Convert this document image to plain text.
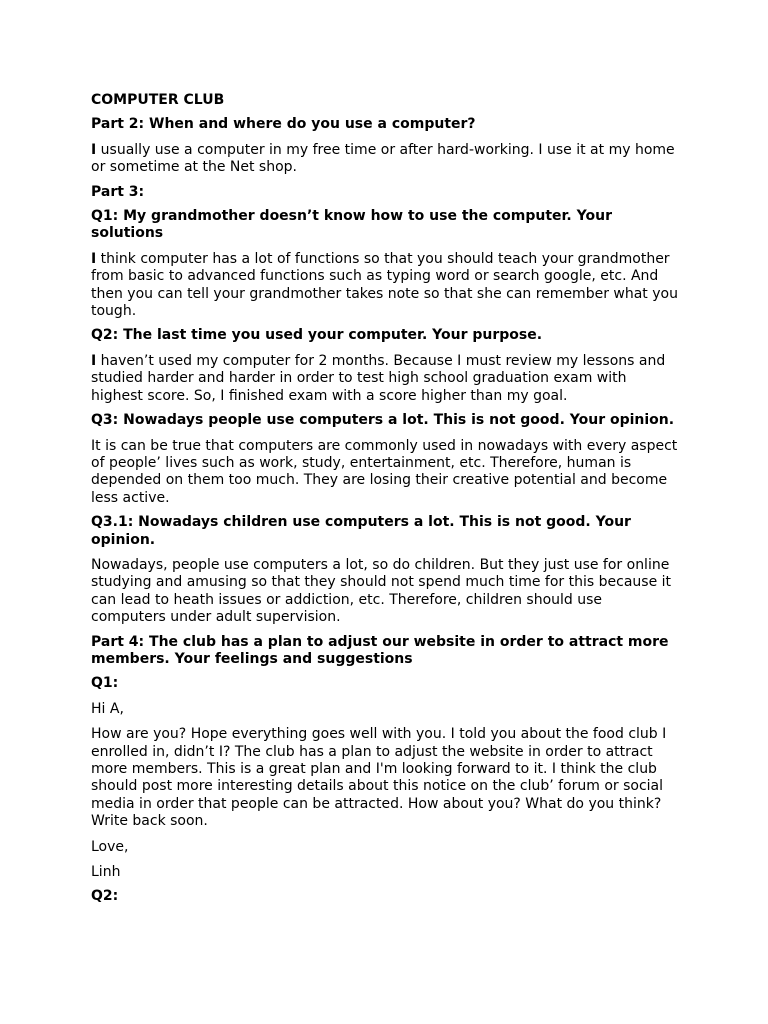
COMPUTER CLUB

Part 2: When and where do you use a computer?

I usually use a computer in my free time or after hard-working. I use it at my home or sometime at the Net shop.

Part 3:

Q1: My grandmother doesn’t know how to use the computer. Your solutions

I think computer has a lot of functions so that you should teach your grandmother from basic to advanced functions such as typing word or search google, etc. And then you can tell your grandmother takes note so that she can remember what you tough.

Q2: The last time you used your computer. Your purpose.

I haven’t used my computer for 2 months. Because I must review my lessons and studied harder and harder in order to test high school graduation exam with highest score. So, I finished exam with a score higher than my goal.

Q3: Nowadays people use computers a lot. This is not good. Your opinion.

It is can be true that computers are commonly used in nowadays with every aspect of people’ lives such as work, study, entertainment, etc. Therefore, human is depended on them too much. They are losing their creative potential and become less active.

Q3.1: Nowadays children use computers a lot. This is not good. Your opinion.

Nowadays, people use computers a lot, so do children. But they just use for online studying and amusing so that they should not spend much time for this because it can lead to heath issues or addiction, etc. Therefore, children should use computers under adult supervision.

Part 4: The club has a plan to adjust our website in order to attract more members. Your feelings and suggestions

Q1:

Hi A,

How are you? Hope everything goes well with you. I told you about the food club I enrolled in, didn’t I? The club has a plan to adjust the website in order to attract more members. This is a great plan and I'm looking forward to it. I think the club should post more interesting details about this notice on the club’ forum or social media in order that people can be attracted. How about you? What do you think? Write back soon.

Love,

Linh

Q2:
